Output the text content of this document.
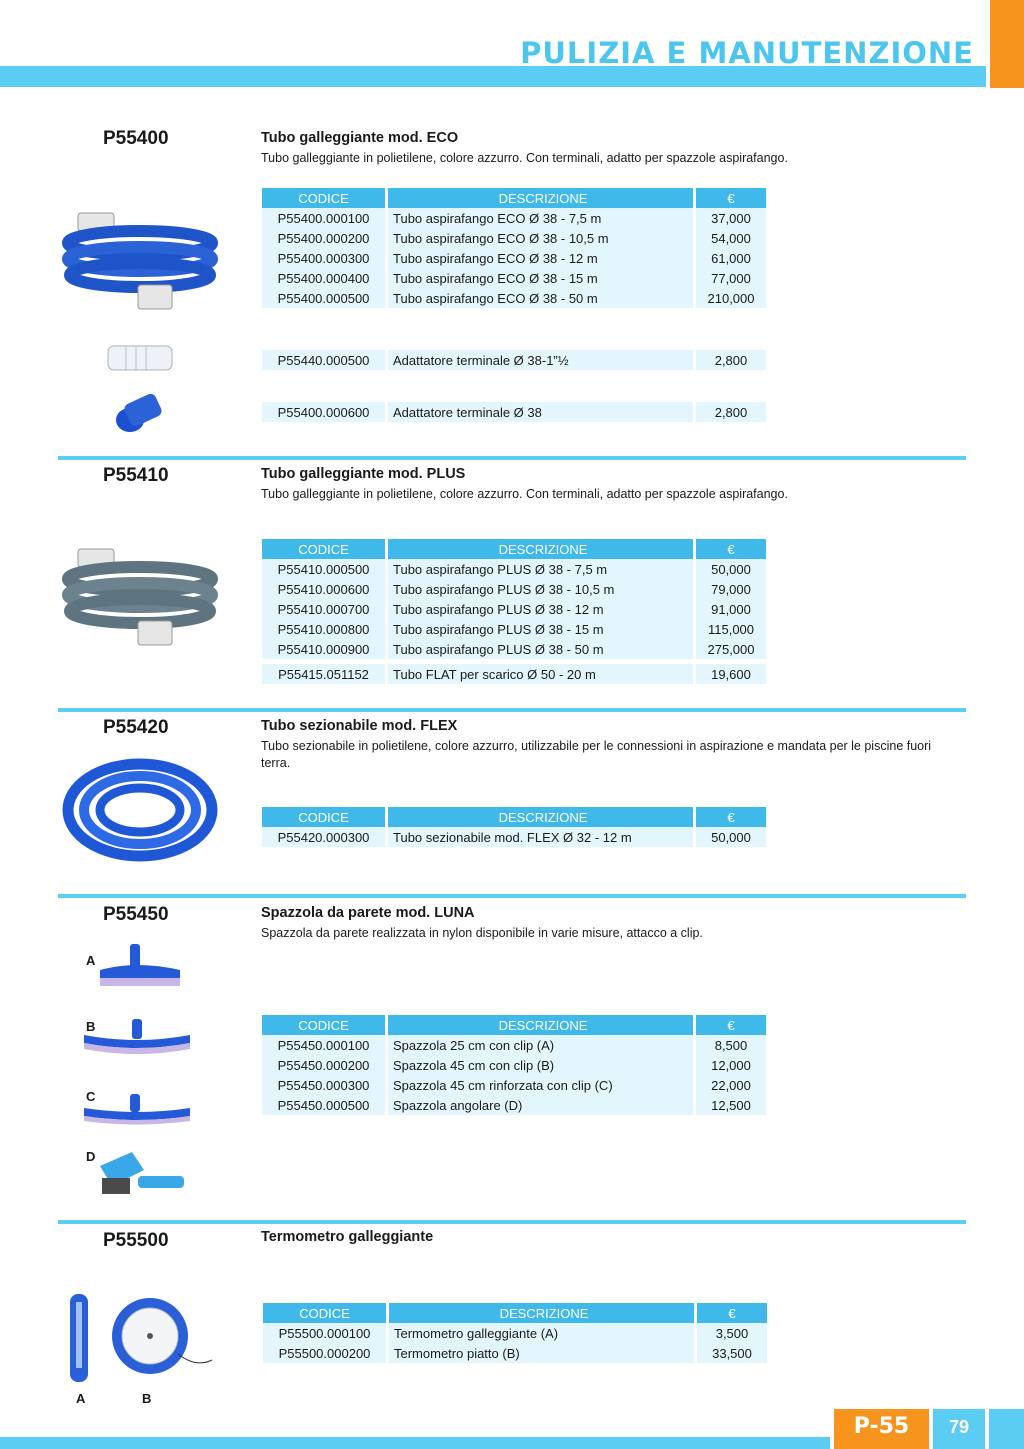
PULIZIA E MANUTENZIONE
P55400	Tubo galleggiante mod. ECO
Tubo galleggiante in polietilene, colore azzurro. Con terminali, adatto per spazzole aspirafango.
CODICE	DESCRIZIONE	€
P55400.000100	Tubo aspirafango ECO Ø 38 - 7,5 m	37,000
P55400.000200	Tubo aspirafango ECO Ø 38 - 10,5 m	54,000
P55400.000300	Tubo aspirafango ECO Ø 38 - 12 m	61,000
P55400.000400	Tubo aspirafango ECO Ø 38 - 15 m	77,000
P55400.000500	Tubo aspirafango ECO Ø 38 - 50 m	210,000
P55440.000500	Adattatore terminale Ø 38-1”½	2,800
P55400.000600	Adattatore terminale Ø 38	2,800
P55410	Tubo galleggiante mod. PLUS
Tubo galleggiante in polietilene, colore azzurro. Con terminali, adatto per spazzole aspirafango.
CODICE	DESCRIZIONE	€
P55410.000500	Tubo aspirafango PLUS Ø 38 - 7,5 m	50,000
P55410.000600	Tubo aspirafango PLUS Ø 38 - 10,5 m	79,000
P55410.000700	Tubo aspirafango PLUS Ø 38 - 12 m	91,000
P55410.000800	Tubo aspirafango PLUS Ø 38 - 15 m	115,000
P55410.000900	Tubo aspirafango PLUS Ø 38 - 50 m	275,000
P55415.051152	Tubo FLAT per scarico Ø 50 - 20 m	19,600
P55420	Tubo sezionabile mod. FLEX
Tubo sezionabile in polietilene, colore azzurro, utilizzabile per le connessioni in aspirazione e mandata per le piscine fuori terra.
CODICE	DESCRIZIONE	€
P55420.000300	Tubo sezionabile mod. FLEX Ø 32 - 12 m	50,000
P55450	Spazzola da parete mod. LUNA
Spazzola da parete realizzata in nylon disponibile in varie misure, attacco a clip.
A
B
C
D
CODICE	DESCRIZIONE	€
P55450.000100	Spazzola 25 cm con clip (A)	8,500
P55450.000200	Spazzola 45 cm con clip (B)	12,000
P55450.000300	Spazzola 45 cm rinforzata con clip (C)	22,000
P55450.000500	Spazzola angolare (D)	12,500
P55500	Termometro galleggiante
A	B
CODICE	DESCRIZIONE	€
P55500.000100	Termometro galleggiante (A)	3,500
P55500.000200	Termometro piatto (B)	33,500
P-55	79
